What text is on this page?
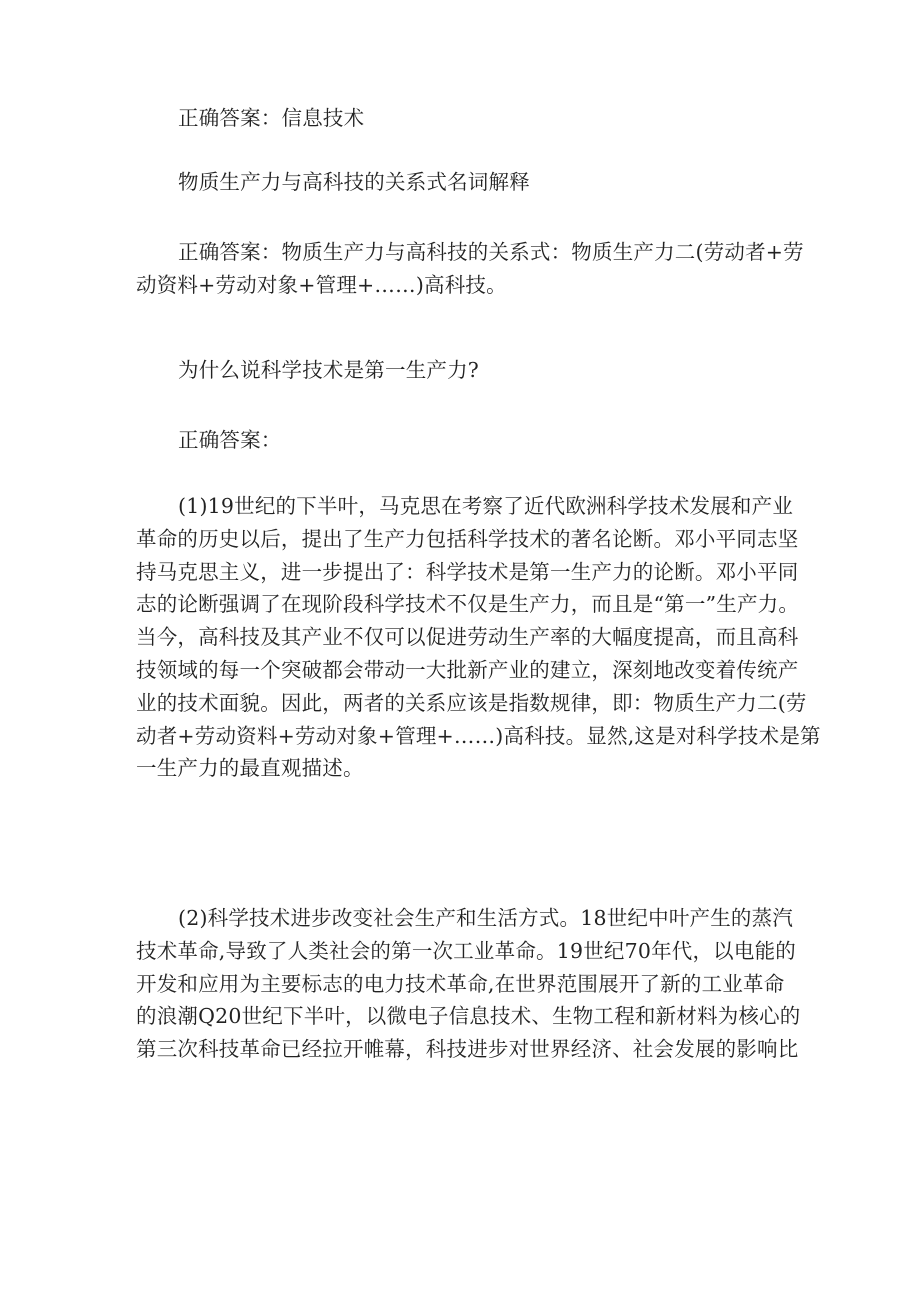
正确答案：信息技术

物质生产力与高科技的关系式名词解释

正确答案：物质生产力与高科技的关系式：物质生产力二(劳动者+劳
动资料+劳动对象+管理+……)高科技。

为什么说科学技术是第一生产力?

正确答案：

(1)19世纪的下半叶，马克思在考察了近代欧洲科学技术发展和产业
革命的历史以后，提出了生产力包括科学技术的著名论断。邓小平同志坚
持马克思主义，进一步提出了：科学技术是第一生产力的论断。邓小平同
志的论断强调了在现阶段科学技术不仅是生产力，而且是“第一”生产力。
当今，高科技及其产业不仅可以促进劳动生产率的大幅度提高，而且高科
技领域的每一个突破都会带动一大批新产业的建立，深刻地改变着传统产
业的技术面貌。因此，两者的关系应该是指数规律，即：物质生产力二(劳
动者+劳动资料+劳动对象+管理+……)高科技。显然,这是对科学技术是第
一生产力的最直观描述。
(2)科学技术进步改变社会生产和生活方式。18世纪中叶产生的蒸汽
技术革命,导致了人类社会的第一次工业革命。19世纪70年代，以电能的
开发和应用为主要标志的电力技术革命,在世界范围展开了新的工业革命
的浪潮Q20世纪下半叶，以微电子信息技术、生物工程和新材料为核心的
第三次科技革命已经拉开帷幕，科技进步对世界经济、社会发展的影响比
